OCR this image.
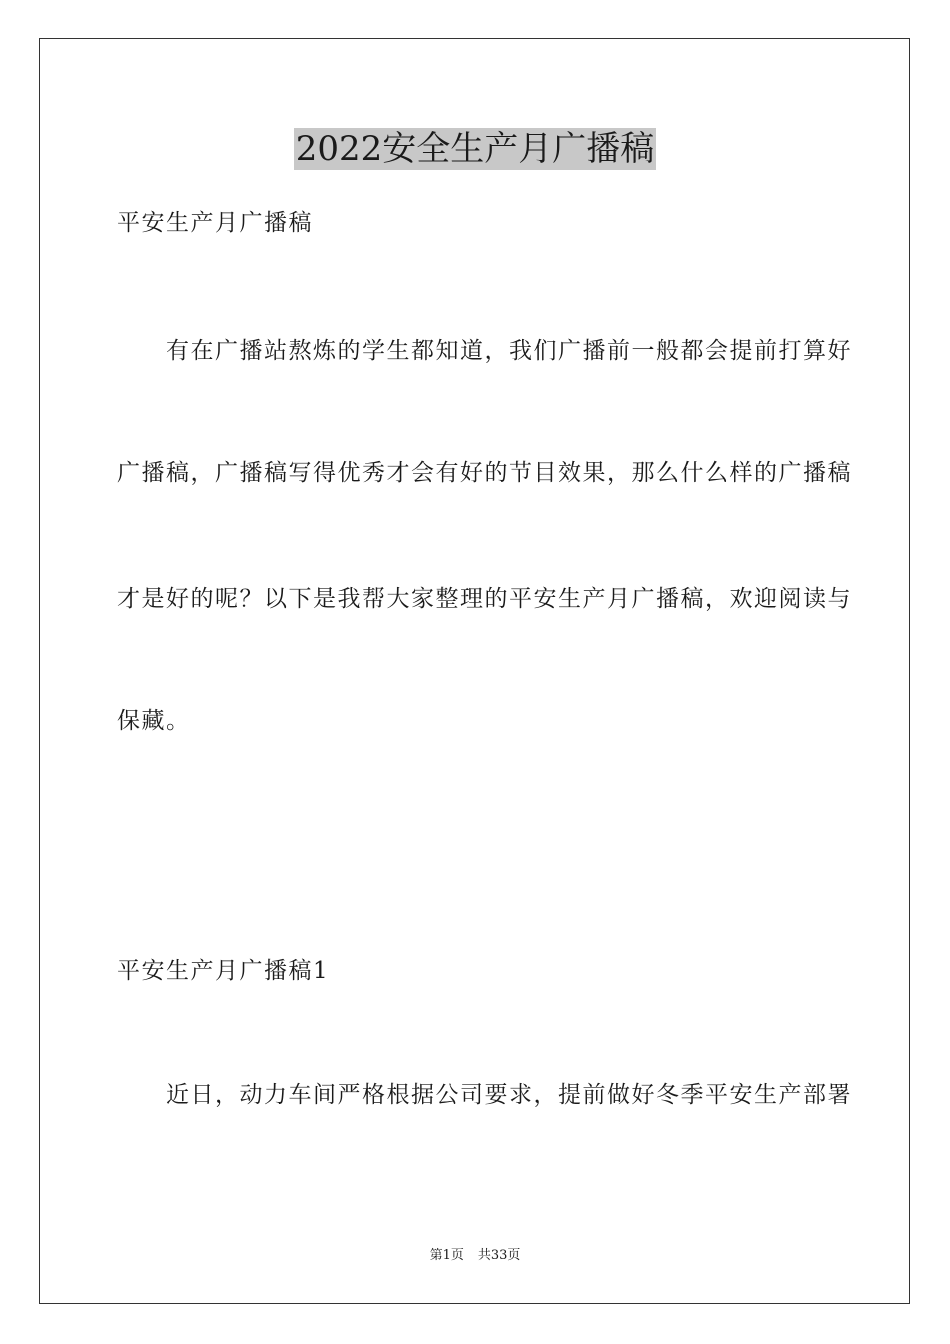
2022安全生产月广播稿
平安生产月广播稿
　　有在广播站熬炼的学生都知道，我们广播前一般都会提前打算好
广播稿，广播稿写得优秀才会有好的节目效果，那么什么样的广播稿
才是好的呢？以下是我帮大家整理的平安生产月广播稿，欢迎阅读与
保藏。
平安生产月广播稿1
　　近日，动力车间严格根据公司要求，提前做好冬季平安生产部署
第1页 共33页
